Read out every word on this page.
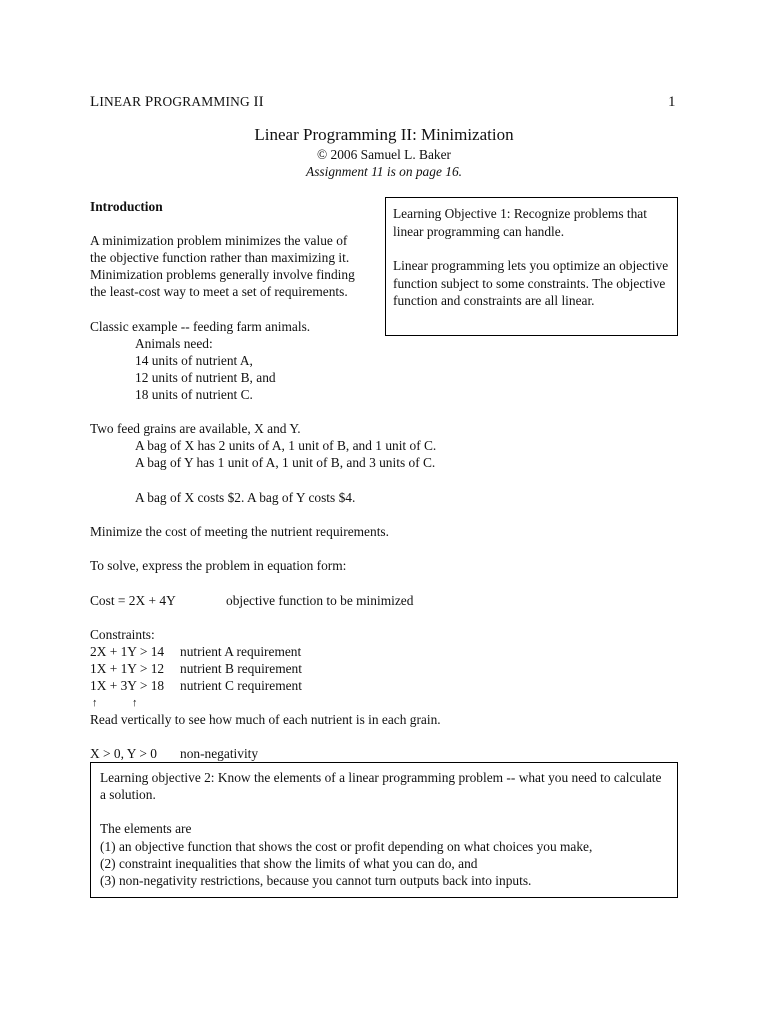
LINEAR PROGRAMMING II	1
Linear Programming II: Minimization
© 2006 Samuel L. Baker
Assignment 11 is on page 16.
Introduction
A minimization problem minimizes the value of
the objective function rather than maximizing it.
Minimization problems generally involve finding
the least-cost way to meet a set of requirements.
Classic example -- feeding farm animals.
Animals need:
14 units of nutrient A,
12 units of nutrient B, and
18 units of nutrient C.
Two feed grains are available, X and Y.
A bag of X has 2 units of A, 1 unit of B, and 1 unit of C.
A bag of Y has 1 unit of A, 1 unit of B, and 3 units of C.
A bag of X costs $2. A bag of Y costs $4.
Minimize the cost of meeting the nutrient requirements.
To solve, express the problem in equation form:
Cost = 2X + 4Y	objective function to be minimized
Constraints:
2X + 1Y > 14 nutrient A requirement
1X + 1Y > 12 nutrient B requirement
1X + 3Y > 18 nutrient C requirement
↑	↑
Read vertically to see how much of each nutrient is in each grain.
X > 0, Y > 0 non-negativity

Learning Objective 1: Recognize problems that linear programming can handle.

Linear programming lets you optimize an objective function subject to some constraints. The objective function and constraints are all linear.

Learning objective 2: Know the elements of a linear programming problem -- what you need to calculate a solution.

The elements are

(1) an objective function that shows the cost or profit depending on what choices you make,

(2) constraint inequalities that show the limits of what you can do, and

(3) non-negativity restrictions, because you cannot turn outputs back into inputs.
